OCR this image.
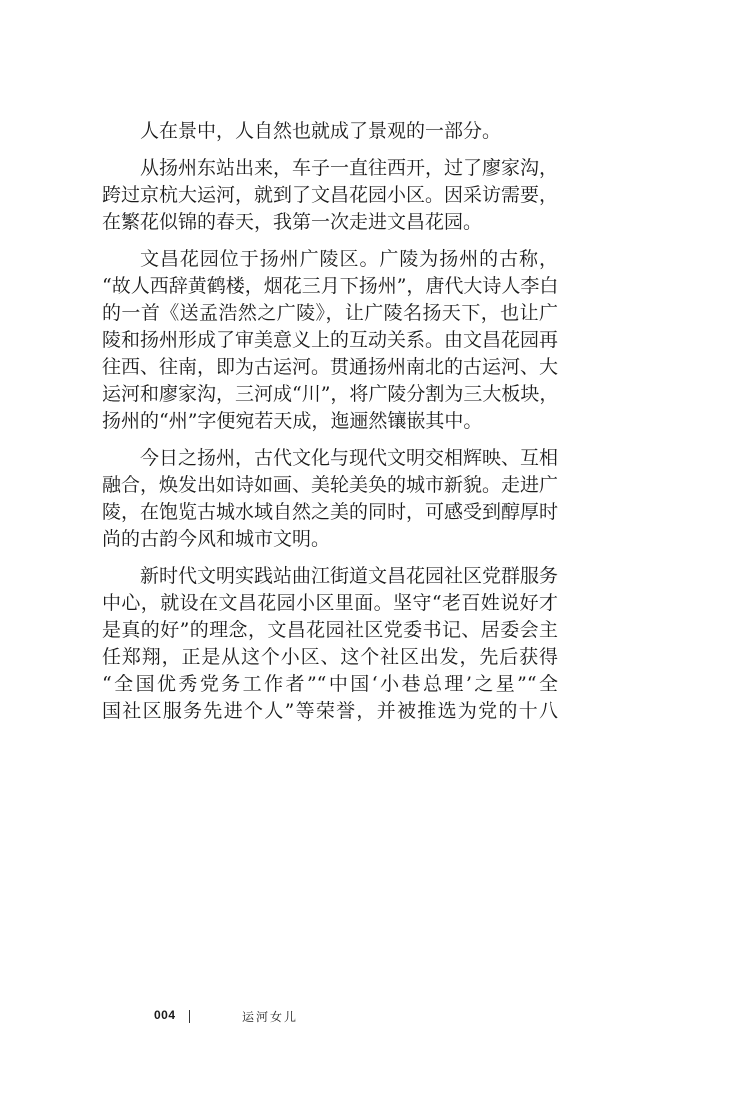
人在景中，人自然也就成了景观的一部分。
从扬州东站出来，车子一直往西开，过了廖家沟，
跨过京杭大运河，就到了文昌花园小区。因采访需要，
在繁花似锦的春天，我第一次走进文昌花园。
文昌花园位于扬州广陵区。广陵为扬州的古称，
“故人西辞黄鹤楼，烟花三月下扬州”，唐代大诗人李白
的一首《送孟浩然之广陵》，让广陵名扬天下，也让广
陵和扬州形成了审美意义上的互动关系。由文昌花园再
往西、往南，即为古运河。贯通扬州南北的古运河、大
运河和廖家沟，三河成“川”，将广陵分割为三大板块，
扬州的“州”字便宛若天成，迤逦然镶嵌其中。
今日之扬州，古代文化与现代文明交相辉映、互相
融合，焕发出如诗如画、美轮美奂的城市新貌。走进广
陵，在饱览古城水域自然之美的同时，可感受到醇厚时
尚的古韵今风和城市文明。
新时代文明实践站曲江街道文昌花园社区党群服务
中心，就设在文昌花园小区里面。坚守“老百姓说好才
是真的好”的理念，文昌花园社区党委书记、居委会主
任郑翔，正是从这个小区、这个社区出发，先后获得
“全国优秀党务工作者”“中国‘小巷总理’之星”“全
国社区服务先进个人”等荣誉，并被推选为党的十八
004	运河女儿
